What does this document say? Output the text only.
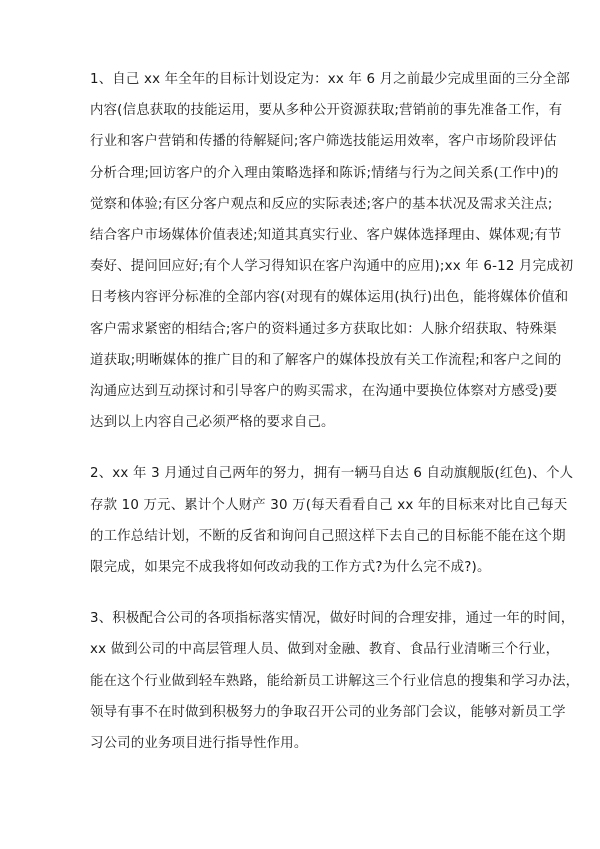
1、自己 xx 年全年的目标计划设定为：xx 年 6 月之前最少完成里面的三分全部
内容(信息获取的技能运用，要从多种公开资源获取;营销前的事先准备工作，有
行业和客户营销和传播的待解疑问;客户筛选技能运用效率，客户市场阶段评估
分析合理;回访客户的介入理由策略选择和陈诉;情绪与行为之间关系(工作中)的
觉察和体验;有区分客户观点和反应的实际表述;客户的基本状况及需求关注点;
结合客户市场媒体价值表述;知道其真实行业、客户媒体选择理由、媒体观;有节
奏好、提问回应好;有个人学习得知识在客户沟通中的应用);xx 年 6-12 月完成初
日考核内容评分标准的全部内容(对现有的媒体运用(执行)出色，能将媒体价值和
客户需求紧密的相结合;客户的资料通过多方获取比如：人脉介绍获取、特殊渠
道获取;明晰媒体的推广目的和了解客户的媒体投放有关工作流程;和客户之间的
沟通应达到互动探讨和引导客户的购买需求，在沟通中要换位体察对方感受)要
达到以上内容自己必须严格的要求自己。
2、xx 年 3 月通过自己两年的努力，拥有一辆马自达 6 自动旗舰版(红色)、个人
存款 10 万元、累计个人财产 30 万(每天看看自己 xx 年的目标来对比自己每天
的工作总结计划，不断的反省和询问自己照这样下去自己的目标能不能在这个期
限完成，如果完不成我将如何改动我的工作方式?为什么完不成?)。
3、积极配合公司的各项指标落实情况，做好时间的合理安排，通过一年的时间，
xx 做到公司的中高层管理人员、做到对金融、教育、食品行业清晰三个行业，
能在这个行业做到轻车熟路，能给新员工讲解这三个行业信息的搜集和学习办法，
领导有事不在时做到积极努力的争取召开公司的业务部门会议，能够对新员工学
习公司的业务项目进行指导性作用。
